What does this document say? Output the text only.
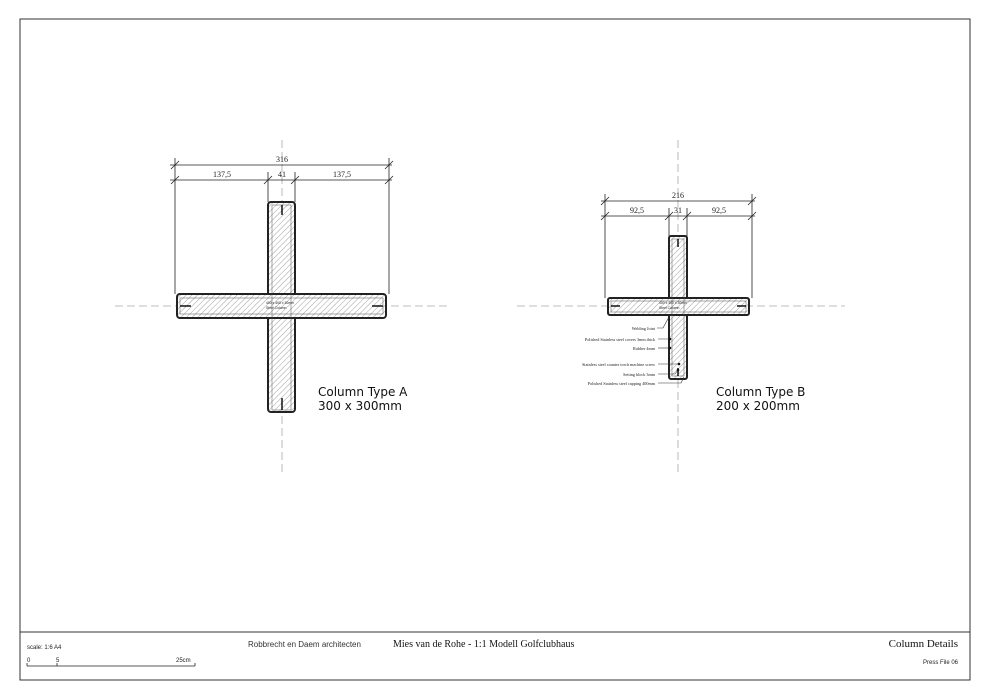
400 x 400 x 30mm
Steel Column
316
137,5	41	137,5
Column Type A
300 x 300mm
400 x 400 x 30mm
Steel Column
216
92,5	31	92,5
Welding Joint
Polished Stainless steel covers 3mm thick
Rubber 4mm
Stainless steel counter torch machine screw
Setting block 3mm
Polished Stainless steel capping 400mm
Column Type B
200 x 200mm
scale: 1:6 A4
0	5	25cm
Robbrecht en Daem architecten	Mies van de Rohe - 1:1 Modell Golfclubhaus	Column Details
Press File 06
